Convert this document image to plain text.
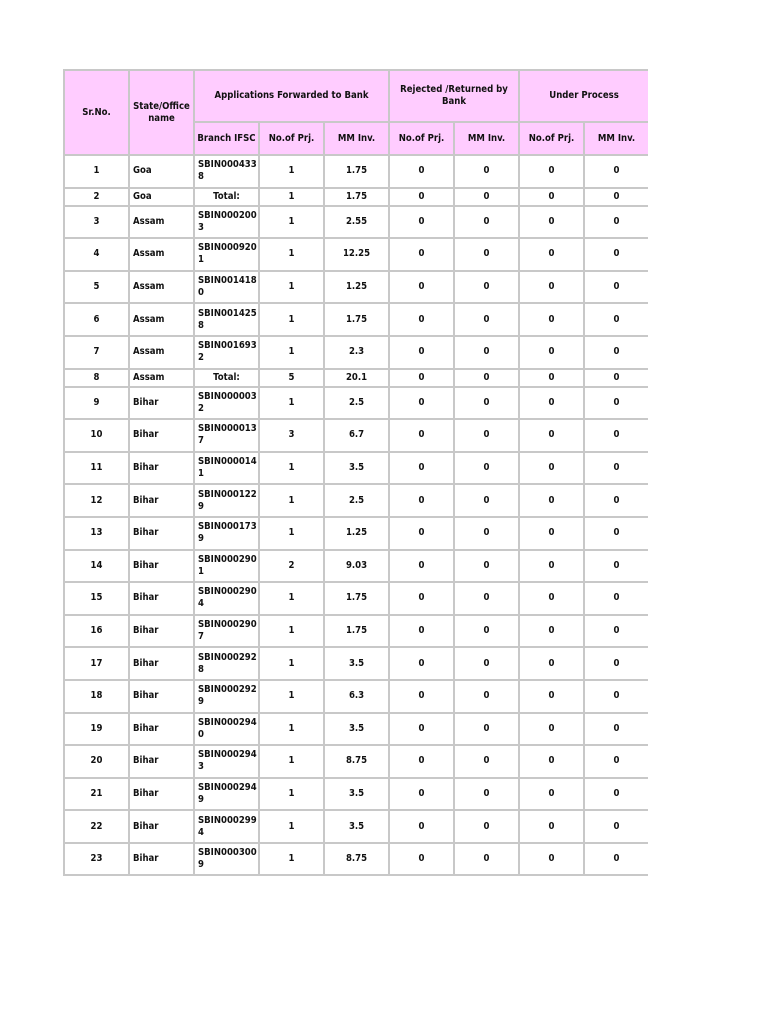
Sr.No.	State/Office name	Applications Forwarded to Bank			Rejected /Returned by Bank		Under Process	
		Branch IFSC	No.of Prj.	MM Inv.	No.of Prj.	MM Inv.	No.of Prj.	MM Inv.
1	Goa	SBIN0004338	1	1.75	0	0	0	0
2	Goa	Total:	1	1.75	0	0	0	0
3	Assam	SBIN0002003	1	2.55	0	0	0	0
4	Assam	SBIN0009201	1	12.25	0	0	0	0
5	Assam	SBIN0014180	1	1.25	0	0	0	0
6	Assam	SBIN0014258	1	1.75	0	0	0	0
7	Assam	SBIN0016932	1	2.3	0	0	0	0
8	Assam	Total:	5	20.1	0	0	0	0
9	Bihar	SBIN0000032	1	2.5	0	0	0	0
10	Bihar	SBIN0000137	3	6.7	0	0	0	0
11	Bihar	SBIN0000141	1	3.5	0	0	0	0
12	Bihar	SBIN0001229	1	2.5	0	0	0	0
13	Bihar	SBIN0001739	1	1.25	0	0	0	0
14	Bihar	SBIN0002901	2	9.03	0	0	0	0
15	Bihar	SBIN0002904	1	1.75	0	0	0	0
16	Bihar	SBIN0002907	1	1.75	0	0	0	0
17	Bihar	SBIN0002928	1	3.5	0	0	0	0
18	Bihar	SBIN0002929	1	6.3	0	0	0	0
19	Bihar	SBIN0002940	1	3.5	0	0	0	0
20	Bihar	SBIN0002943	1	8.75	0	0	0	0
21	Bihar	SBIN0002949	1	3.5	0	0	0	0
22	Bihar	SBIN0002994	1	3.5	0	0	0	0
23	Bihar	SBIN0003009	1	8.75	0	0	0	0
